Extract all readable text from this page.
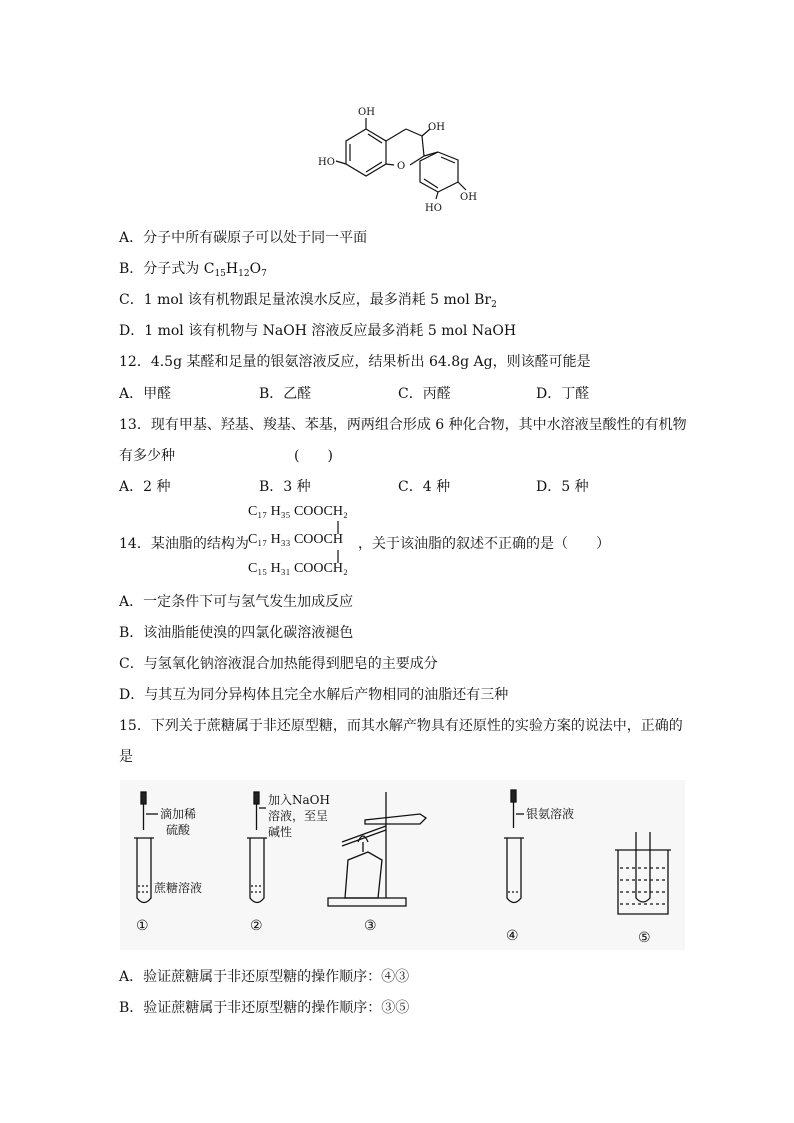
OH
OH
HO	O
HO
OH
A．分子中所有碳原子可以处于同一平面
B．分子式为 $C_{15}H_{12}O_7$
C．1 mol 该有机物跟足量浓溴水反应，最多消耗 5 mol $Br_2$
D．1 mol 该有机物与 NaOH 溶液反应最多消耗 5 mol NaOH
12．4.5g 某醛和足量的银氨溶液反应，结果析出 64.8g Ag，则该醛可能是
A．甲醛	B．乙醛	C．丙醛	D．丁醛
13．现有甲基、羟基、羧基、苯基，两两组合形成 6 种化合物，其中水溶液呈酸性的有机物
有多少种	(　　)
A．2 种	B．3 种	C．4 种	D．5 种
14．某油脂的结构为
C₁₇ H₃₅ COOCH₂
C₁₇ H₃₃ COOCH
C₁₅ H₃₁ COOCH₂
，关于该油脂的叙述不正确的是（　　）
A．一定条件下可与氢气发生加成反应
B．该油脂能使溴的四氯化碳溶液褪色
C．与氢氧化钠溶液混合加热能得到肥皂的主要成分
D．与其互为同分异构体且完全水解后产物相同的油脂还有三种
15．下列关于蔗糖属于非还原型糖，而其水解产物具有还原性的实验方案的说法中，正确的
是
滴加稀
硫酸
蔗糖溶液
加入NaOH
溶液，至呈
碱性
银氨溶液
①	②	③
④	⑤
A．验证蔗糖属于非还原型糖的操作顺序：④③
B．验证蔗糖属于非还原型糖的操作顺序：③⑤
